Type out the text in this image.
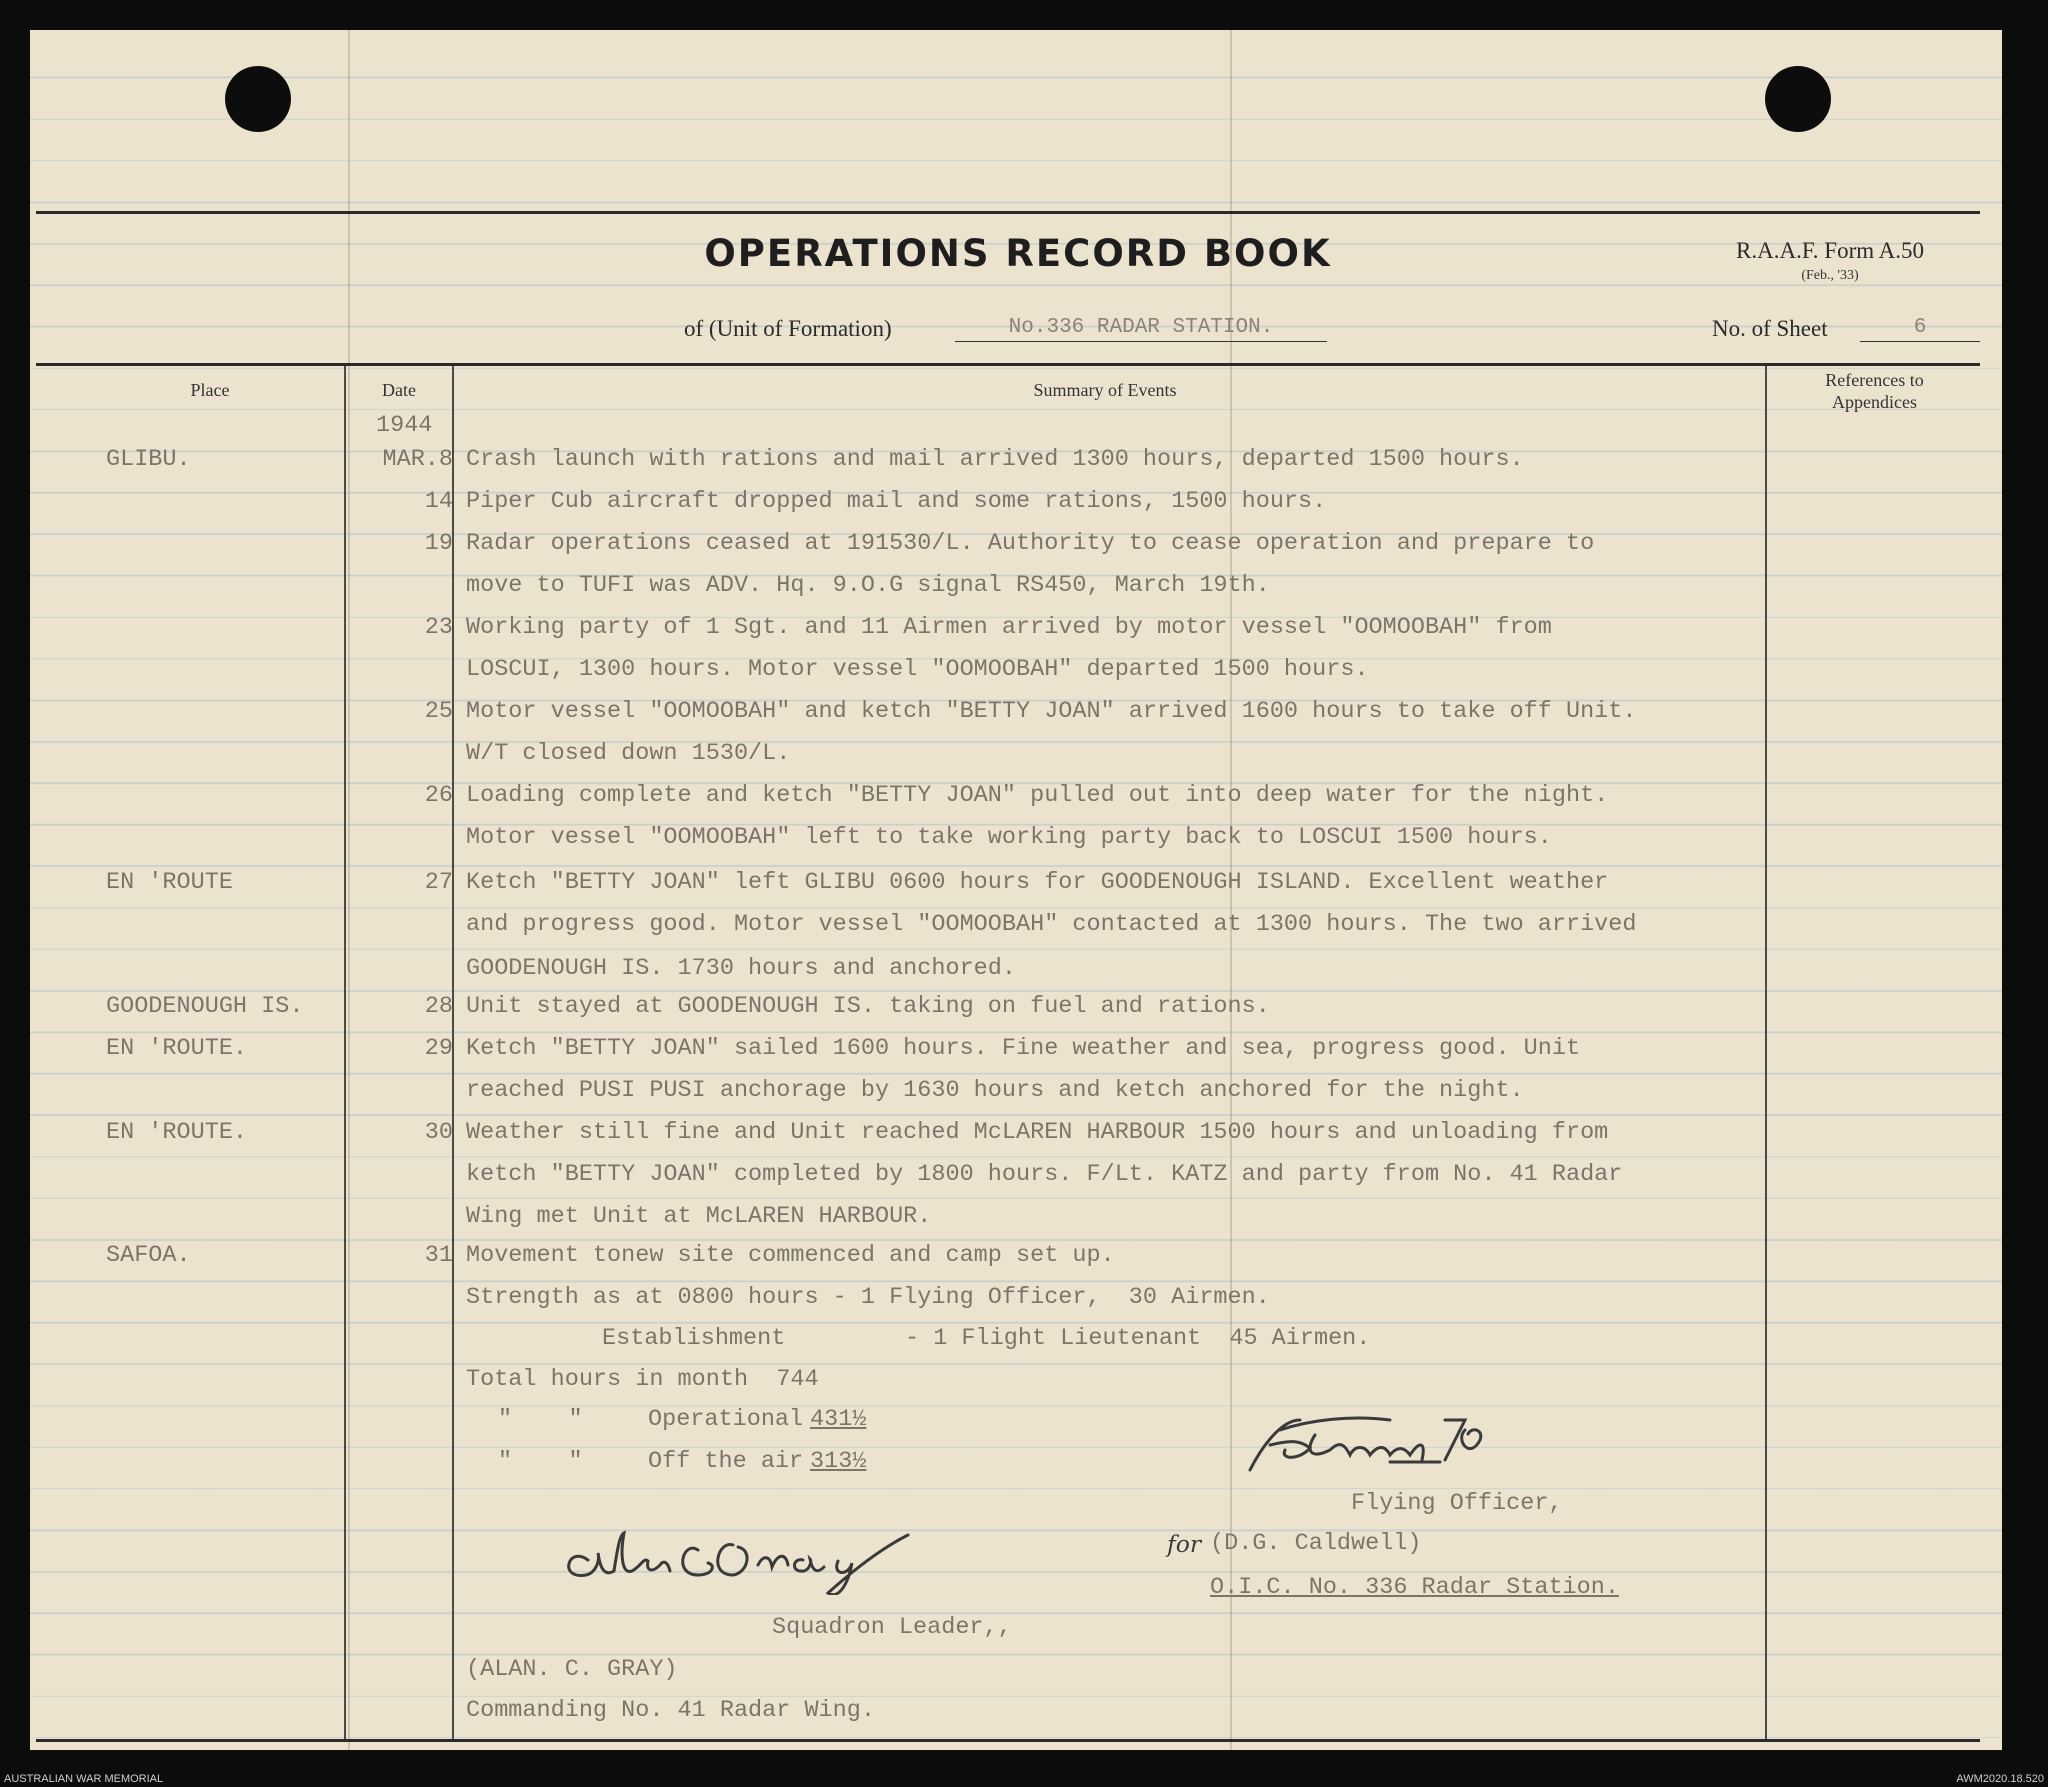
OPERATIONS RECORD BOOK	R.A.A.F. Form A.50
(Feb., '33)
of (Unit of Formation)	No.336 RADAR STATION.	No. of Sheet	6
Place	Date	Summary of Events	References to
Appendices
1944
GLIBU.	MAR.8 Crash launch with rations and mail arrived 1300 hours, departed 1500 hours.
14 Piper Cub aircraft dropped mail and some rations, 1500 hours.
19 Radar operations ceased at 191530/L. Authority to cease operation and prepare to
move to TUFI was ADV. Hq. 9.O.G signal RS450, March 19th.
23 Working party of 1 Sgt. and 11 Airmen arrived by motor vessel "OOMOOBAH" from
LOSCUI, 1300 hours. Motor vessel "OOMOOBAH" departed 1500 hours.
25 Motor vessel "OOMOOBAH" and ketch "BETTY JOAN" arrived 1600 hours to take off Unit.
W/T closed down 1530/L.
26 Loading complete and ketch "BETTY JOAN" pulled out into deep water for the night.
Motor vessel "OOMOOBAH" left to take working party back to LOSCUI 1500 hours.
EN 'ROUTE	27 Ketch "BETTY JOAN" left GLIBU 0600 hours for GOODENOUGH ISLAND. Excellent weather
and progress good. Motor vessel "OOMOOBAH" contacted at 1300 hours. The two arrived
GOODENOUGH IS. 1730 hours and anchored.
GOODENOUGH IS.	28 Unit stayed at GOODENOUGH IS. taking on fuel and rations.
EN 'ROUTE.	29 Ketch "BETTY JOAN" sailed 1600 hours. Fine weather and sea, progress good. Unit
reached PUSI PUSI anchorage by 1630 hours and ketch anchored for the night.
EN 'ROUTE.	30 Weather still fine and Unit reached McLAREN HARBOUR 1500 hours and unloading from
ketch "BETTY JOAN" completed by 1800 hours. F/Lt. KATZ and party from No. 41 Radar
Wing met Unit at McLAREN HARBOUR.
SAFOA.	31 Movement tonew site commenced and camp set up.
Strength as at 0800 hours - 1 Flying Officer,  30 Airmen.
Establishment	- 1 Flight Lieutenant  45 Airmen.
Total hours in month  744
"    "	Operational 431½
"    "	Off the air 313½
Flying Officer,
for (D.G. Caldwell)
O.I.C. No. 336 Radar Station.
Squadron Leader,,
(ALAN. C. GRAY)
Commanding No. 41 Radar Wing.
AUSTRALIAN WAR MEMORIAL	AWM2020.18.520
